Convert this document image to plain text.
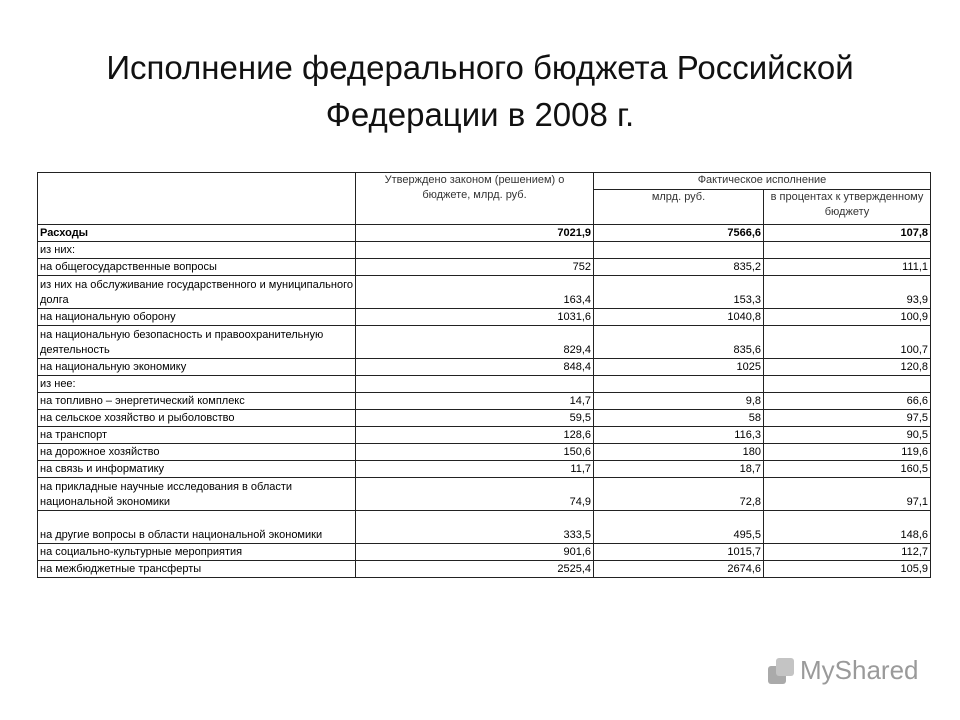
Исполнение федерального бюджета Российской
Федерации в 2008 г.
	Утверждено законом (решением) о бюджете, млрд. руб.	Фактическое исполнение	
		млрд. руб.	в процентах к утвержденному бюджету
Расходы	7021,9	7566,6	107,8
из них:			
на общегосударственные вопросы	752	835,2	111,1
из них на обслуживание государственного и муниципального долга	163,4	153,3	93,9
на национальную оборону	1031,6	1040,8	100,9
на национальную безопасность и правоохранительную деятельность	829,4	835,6	100,7
на национальную экономику	848,4	1025	120,8
из нее:			
на топливно – энергетический комплекс	14,7	9,8	66,6
на сельское хозяйство и рыболовство	59,5	58	97,5
на транспорт	128,6	116,3	90,5
на дорожное хозяйство	150,6	180	119,6
на связь и информатику	11,7	18,7	160,5
на прикладные научные исследования в области национальной экономики	74,9	72,8	97,1
на другие вопросы в области национальной экономики	333,5	495,5	148,6
на социально-культурные мероприятия	901,6	1015,7	112,7
на межбюджетные трансферты	2525,4	2674,6	105,9
MyShared
